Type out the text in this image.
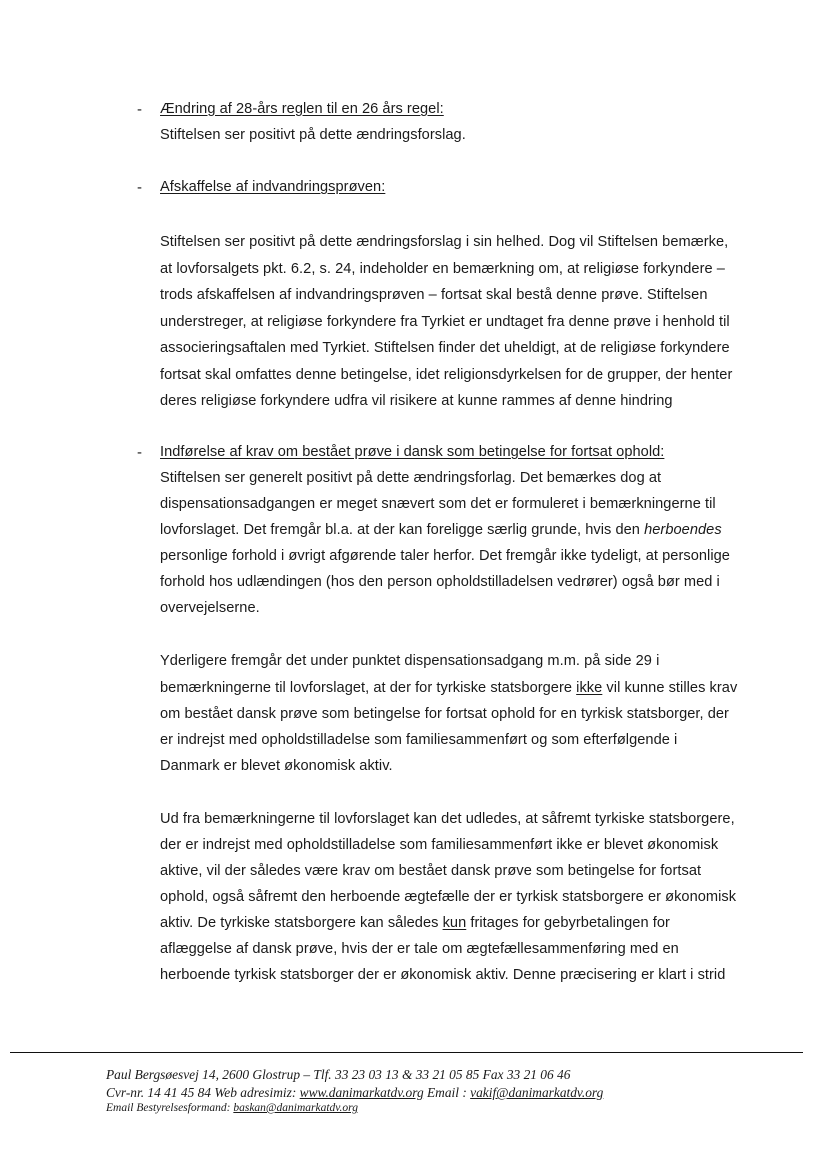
- Ændring af 28-års reglen til en 26 års regel:
Stiftelsen ser positivt på dette ændringsforslag.
- Afskaffelse af indvandringsprøven:
Stiftelsen ser positivt på dette ændringsforslag i sin helhed. Dog vil Stiftelsen bemærke,
at lovforsalgets pkt. 6.2, s. 24, indeholder en bemærkning om, at religiøse forkyndere –
trods afskaffelsen af indvandringsprøven – fortsat skal bestå denne prøve. Stiftelsen
understreger, at religiøse forkyndere fra Tyrkiet er undtaget fra denne prøve i henhold til
associeringsaftalen med Tyrkiet. Stiftelsen finder det uheldigt, at de religiøse forkyndere
fortsat skal omfattes denne betingelse, idet religionsdyrkelsen for de grupper, der henter
deres religiøse forkyndere udfra vil risikere at kunne rammes af denne hindring
- Indførelse af krav om bestået prøve i dansk som betingelse for fortsat ophold:
Stiftelsen ser generelt positivt på dette ændringsforlag. Det bemærkes dog at
dispensationsadgangen er meget snævert som det er formuleret i bemærkningerne til
lovforslaget. Det fremgår bl.a. at der kan foreligge særlig grunde, hvis den herboendes
personlige forhold i øvrigt afgørende taler herfor. Det fremgår ikke tydeligt, at personlige
forhold hos udlændingen (hos den person opholdstilladelsen vedrører) også bør med i
overvejelserne.
Yderligere fremgår det under punktet dispensationsadgang m.m. på side 29 i
bemærkningerne til lovforslaget, at der for tyrkiske statsborgere ikke vil kunne stilles krav
om bestået dansk prøve som betingelse for fortsat ophold for en tyrkisk statsborger, der
er indrejst med opholdstilladelse som familiesammenført og som efterfølgende i
Danmark er blevet økonomisk aktiv.
Ud fra bemærkningerne til lovforslaget kan det udledes, at såfremt tyrkiske statsborgere,
der er indrejst med opholdstilladelse som familiesammenført ikke er blevet økonomisk
aktive, vil der således være krav om bestået dansk prøve som betingelse for fortsat
ophold, også såfremt den herboende ægtefælle der er tyrkisk statsborgere er økonomisk
aktiv. De tyrkiske statsborgere kan således kun fritages for gebyrbetalingen for
aflæggelse af dansk prøve, hvis der er tale om ægtefællesammenføring med en
herboende tyrkisk statsborger der er økonomisk aktiv. Denne præcisering er klart i strid
Paul Bergsøesvej 14, 2600 Glostrup – Tlf. 33 23 03 13 & 33 21 05 85 Fax 33 21 06 46
Cvr-nr. 14 41 45 84 Web adresimiz: www.danimarkatdv.org Email : vakif@danimarkatdv.org
Email Bestyrelsesformand: baskan@danimarkatdv.org
